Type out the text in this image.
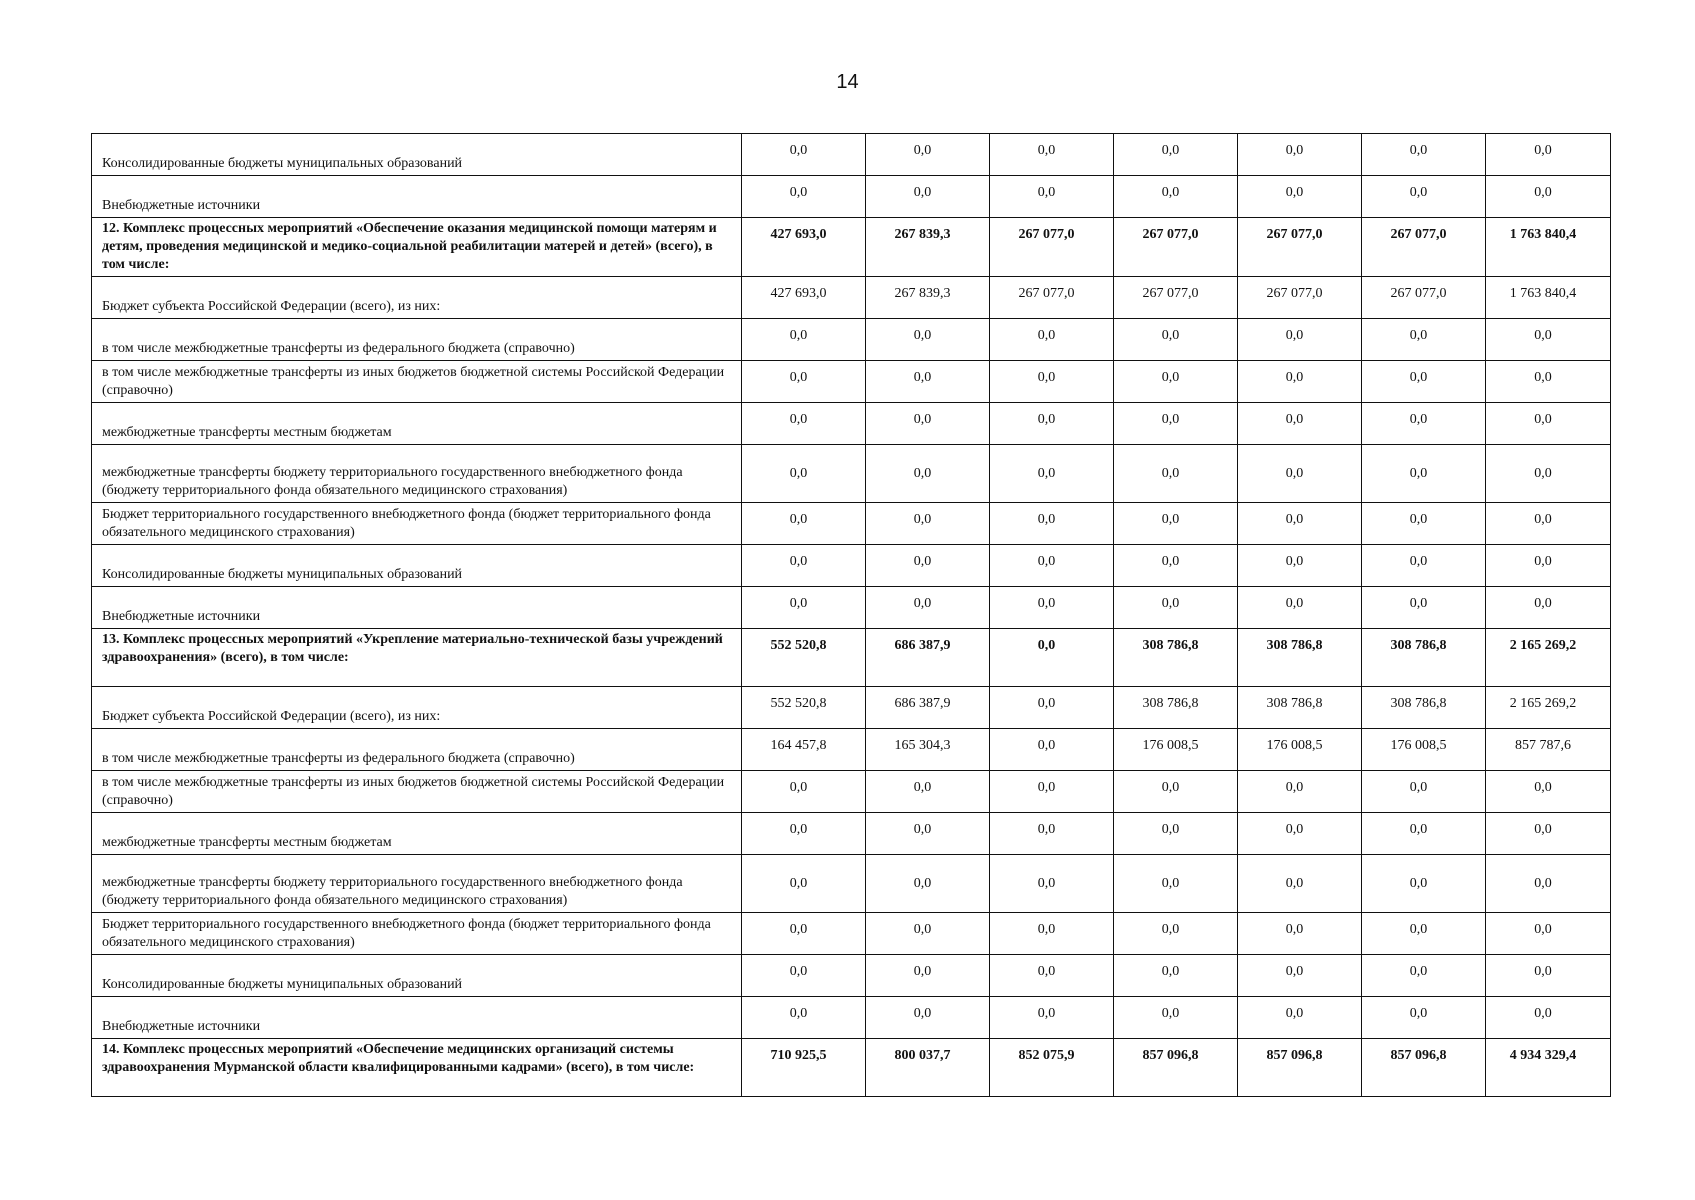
14
Консолидированные бюджеты муниципальных образований	0,0	0,0	0,0	0,0	0,0	0,0	0,0
Внебюджетные источники	0,0	0,0	0,0	0,0	0,0	0,0	0,0
12. Комплекс процессных мероприятий «Обеспечение оказания медицинской помощи матерям и детям, проведения медицинской и медико-социальной реабилитации матерей и детей» (всего), в том числе:	427 693,0	267 839,3	267 077,0	267 077,0	267 077,0	267 077,0	1 763 840,4
Бюджет субъекта Российской Федерации (всего), из них:	427 693,0	267 839,3	267 077,0	267 077,0	267 077,0	267 077,0	1 763 840,4
в том числе межбюджетные трансферты из федерального бюджета (справочно)	0,0	0,0	0,0	0,0	0,0	0,0	0,0
в том числе межбюджетные трансферты из иных бюджетов бюджетной системы Российской Федерации (справочно)	0,0	0,0	0,0	0,0	0,0	0,0	0,0
межбюджетные трансферты местным бюджетам	0,0	0,0	0,0	0,0	0,0	0,0	0,0
межбюджетные трансферты бюджету территориального государственного внебюджетного фонда (бюджету территориального фонда обязательного медицинского страхования)	0,0	0,0	0,0	0,0	0,0	0,0	0,0
Бюджет территориального государственного внебюджетного фонда (бюджет территориального фонда обязательного медицинского страхования)	0,0	0,0	0,0	0,0	0,0	0,0	0,0
Консолидированные бюджеты муниципальных образований	0,0	0,0	0,0	0,0	0,0	0,0	0,0
Внебюджетные источники	0,0	0,0	0,0	0,0	0,0	0,0	0,0
13. Комплекс процессных мероприятий «Укрепление материально-технической базы учреждений здравоохранения» (всего), в том числе:	552 520,8	686 387,9	0,0	308 786,8	308 786,8	308 786,8	2 165 269,2
Бюджет субъекта Российской Федерации (всего), из них:	552 520,8	686 387,9	0,0	308 786,8	308 786,8	308 786,8	2 165 269,2
в том числе межбюджетные трансферты из федерального бюджета (справочно)	164 457,8	165 304,3	0,0	176 008,5	176 008,5	176 008,5	857 787,6
в том числе межбюджетные трансферты из иных бюджетов бюджетной системы Российской Федерации (справочно)	0,0	0,0	0,0	0,0	0,0	0,0	0,0
межбюджетные трансферты местным бюджетам	0,0	0,0	0,0	0,0	0,0	0,0	0,0
межбюджетные трансферты бюджету территориального государственного внебюджетного фонда (бюджету территориального фонда обязательного медицинского страхования)	0,0	0,0	0,0	0,0	0,0	0,0	0,0
Бюджет территориального государственного внебюджетного фонда (бюджет территориального фонда обязательного медицинского страхования)	0,0	0,0	0,0	0,0	0,0	0,0	0,0
Консолидированные бюджеты муниципальных образований	0,0	0,0	0,0	0,0	0,0	0,0	0,0
Внебюджетные источники	0,0	0,0	0,0	0,0	0,0	0,0	0,0
14. Комплекс процессных мероприятий «Обеспечение медицинских организаций системы здравоохранения Мурманской области квалифицированными кадрами» (всего), в том числе:	710 925,5	800 037,7	852 075,9	857 096,8	857 096,8	857 096,8	4 934 329,4
